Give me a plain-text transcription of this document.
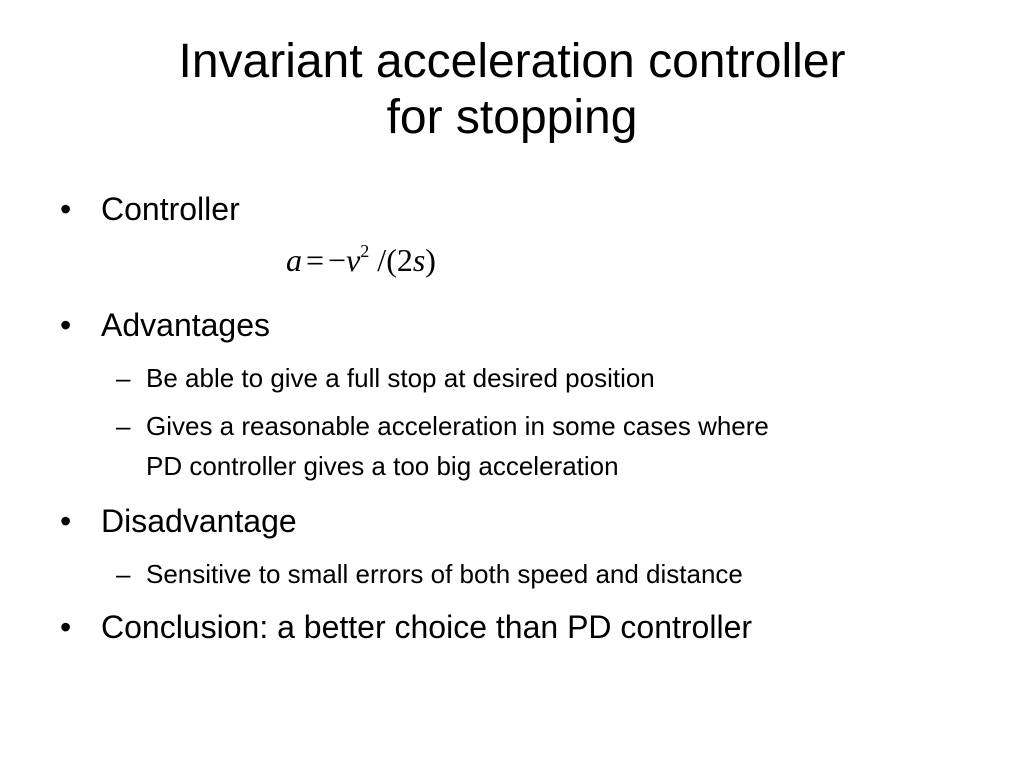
Invariant acceleration controller
for stopping
• Controller
$a = -v^2$ /(2s)
• Advantages
– Be able to give a full stop at desired position
– Gives a reasonable acceleration in some cases where
PD controller gives a too big acceleration
• Disadvantage
– Sensitive to small errors of both speed and distance
• Conclusion: a better choice than PD controller
